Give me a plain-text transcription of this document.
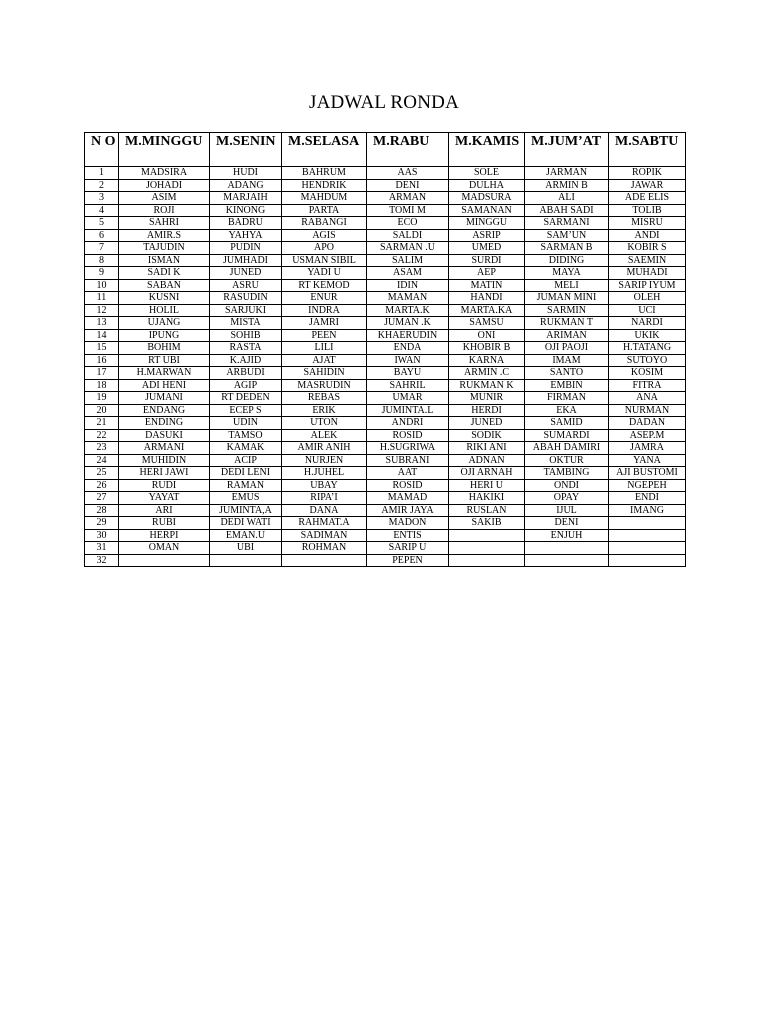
JADWAL RONDA
N O	M.MINGGU	M.SENIN	M.SELASA	M.RABU	M.KAMIS	M.JUM’AT	M.SABTU
1	MADSIRA	HUDI	BAHRUM	AAS	SOLE	JARMAN	ROPIK
2	JOHADI	ADANG	HENDRIK	DENI	DULHA	ARMIN B	JAWAR
3	ASIM	MARJAIH	MAHDUM	ARMAN	MADSURA	ALI	ADE ELIS
4	ROJI	KINONG	PARTA	TOMI M	SAMANAN	ABAH SADI	TOLIB
5	SAHRI	BADRU	RABANGI	ECO	MINGGU	SARMANI	MISRU
6	AMIR.S	YAHYA	AGIS	SALDI	ASRIP	SAM’UN	ANDI
7	TAJUDIN	PUDIN	APO	SARMAN .U	UMED	SARMAN B	KOBIR S
8	ISMAN	JUMHADI	USMAN SIBIL	SALIM	SURDI	DIDING	SAEMIN
9	SADI K	JUNED	YADI U	ASAM	AEP	MAYA	MUHADI
10	SABAN	ASRU	RT KEMOD	IDIN	MATIN	MELI	SARIP IYUM
11	KUSNI	RASUDIN	ENUR	MAMAN	HANDI	JUMAN MINI	OLEH
12	HOLIL	SARJUKI	INDRA	MARTA.K	MARTA.KA	SARMIN	UCI
13	UJANG	MISTA	JAMRI	JUMAN .K	SAMSU	RUKMAN T	NARDI
14	IPUNG	SOHIB	PEEN	KHAERUDIN	ONI	ARIMAN	UKIK
15	BOHIM	RASTA	LILI	ENDA	KHOBIR B	OJI PAOJI	H.TATANG
16	RT UBI	K.AJID	AJAT	IWAN	KARNA	IMAM	SUTOYO
17	H.MARWAN	ARBUDI	SAHIDIN	BAYU	ARMIN .C	SANTO	KOSIM
18	ADI HENI	AGIP	MASRUDIN	SAHRIL	RUKMAN K	EMBIN	FITRA
19	JUMANI	RT DEDEN	REBAS	UMAR	MUNIR	FIRMAN	ANA
20	ENDANG	ECEP S	ERIK	JUMINTA.L	HERDI	EKA	NURMAN
21	ENDING	UDIN	UTON	ANDRI	JUNED	SAMID	DADAN
22	DASUKI	TAMSO	ALEK	ROSID	SODIK	SUMARDI	ASEP.M
23	ARMANI	KAMAK	AMIR ANIH	H.SUGRIWA	RIKI ANI	ABAH DAMIRI	JAMRA
24	MUHIDIN	ACIP	NURJEN	SUBRANI	ADNAN	OKTUR	YANA
25	HERI JAWI	DEDI LENI	H.JUHEL	AAT	OJI ARNAH	TAMBING	AJI BUSTOMI
26	RUDI	RAMAN	UBAY	ROSID	HERI U	ONDI	NGEPEH
27	YAYAT	EMUS	RIPA’I	MAMAD	HAKIKI	OPAY	ENDI
28	ARI	JUMINTA,A	DANA	AMIR JAYA	RUSLAN	IJUL	IMANG
29	RUBI	DEDI WATI	RAHMAT.A	MADON	SAKIB	DENI	
30	HERPI	EMAN.U	SADIMAN	ENTIS		ENJUH	
31	OMAN	UBI	ROHMAN	SARIP U			
32				PEPEN			
